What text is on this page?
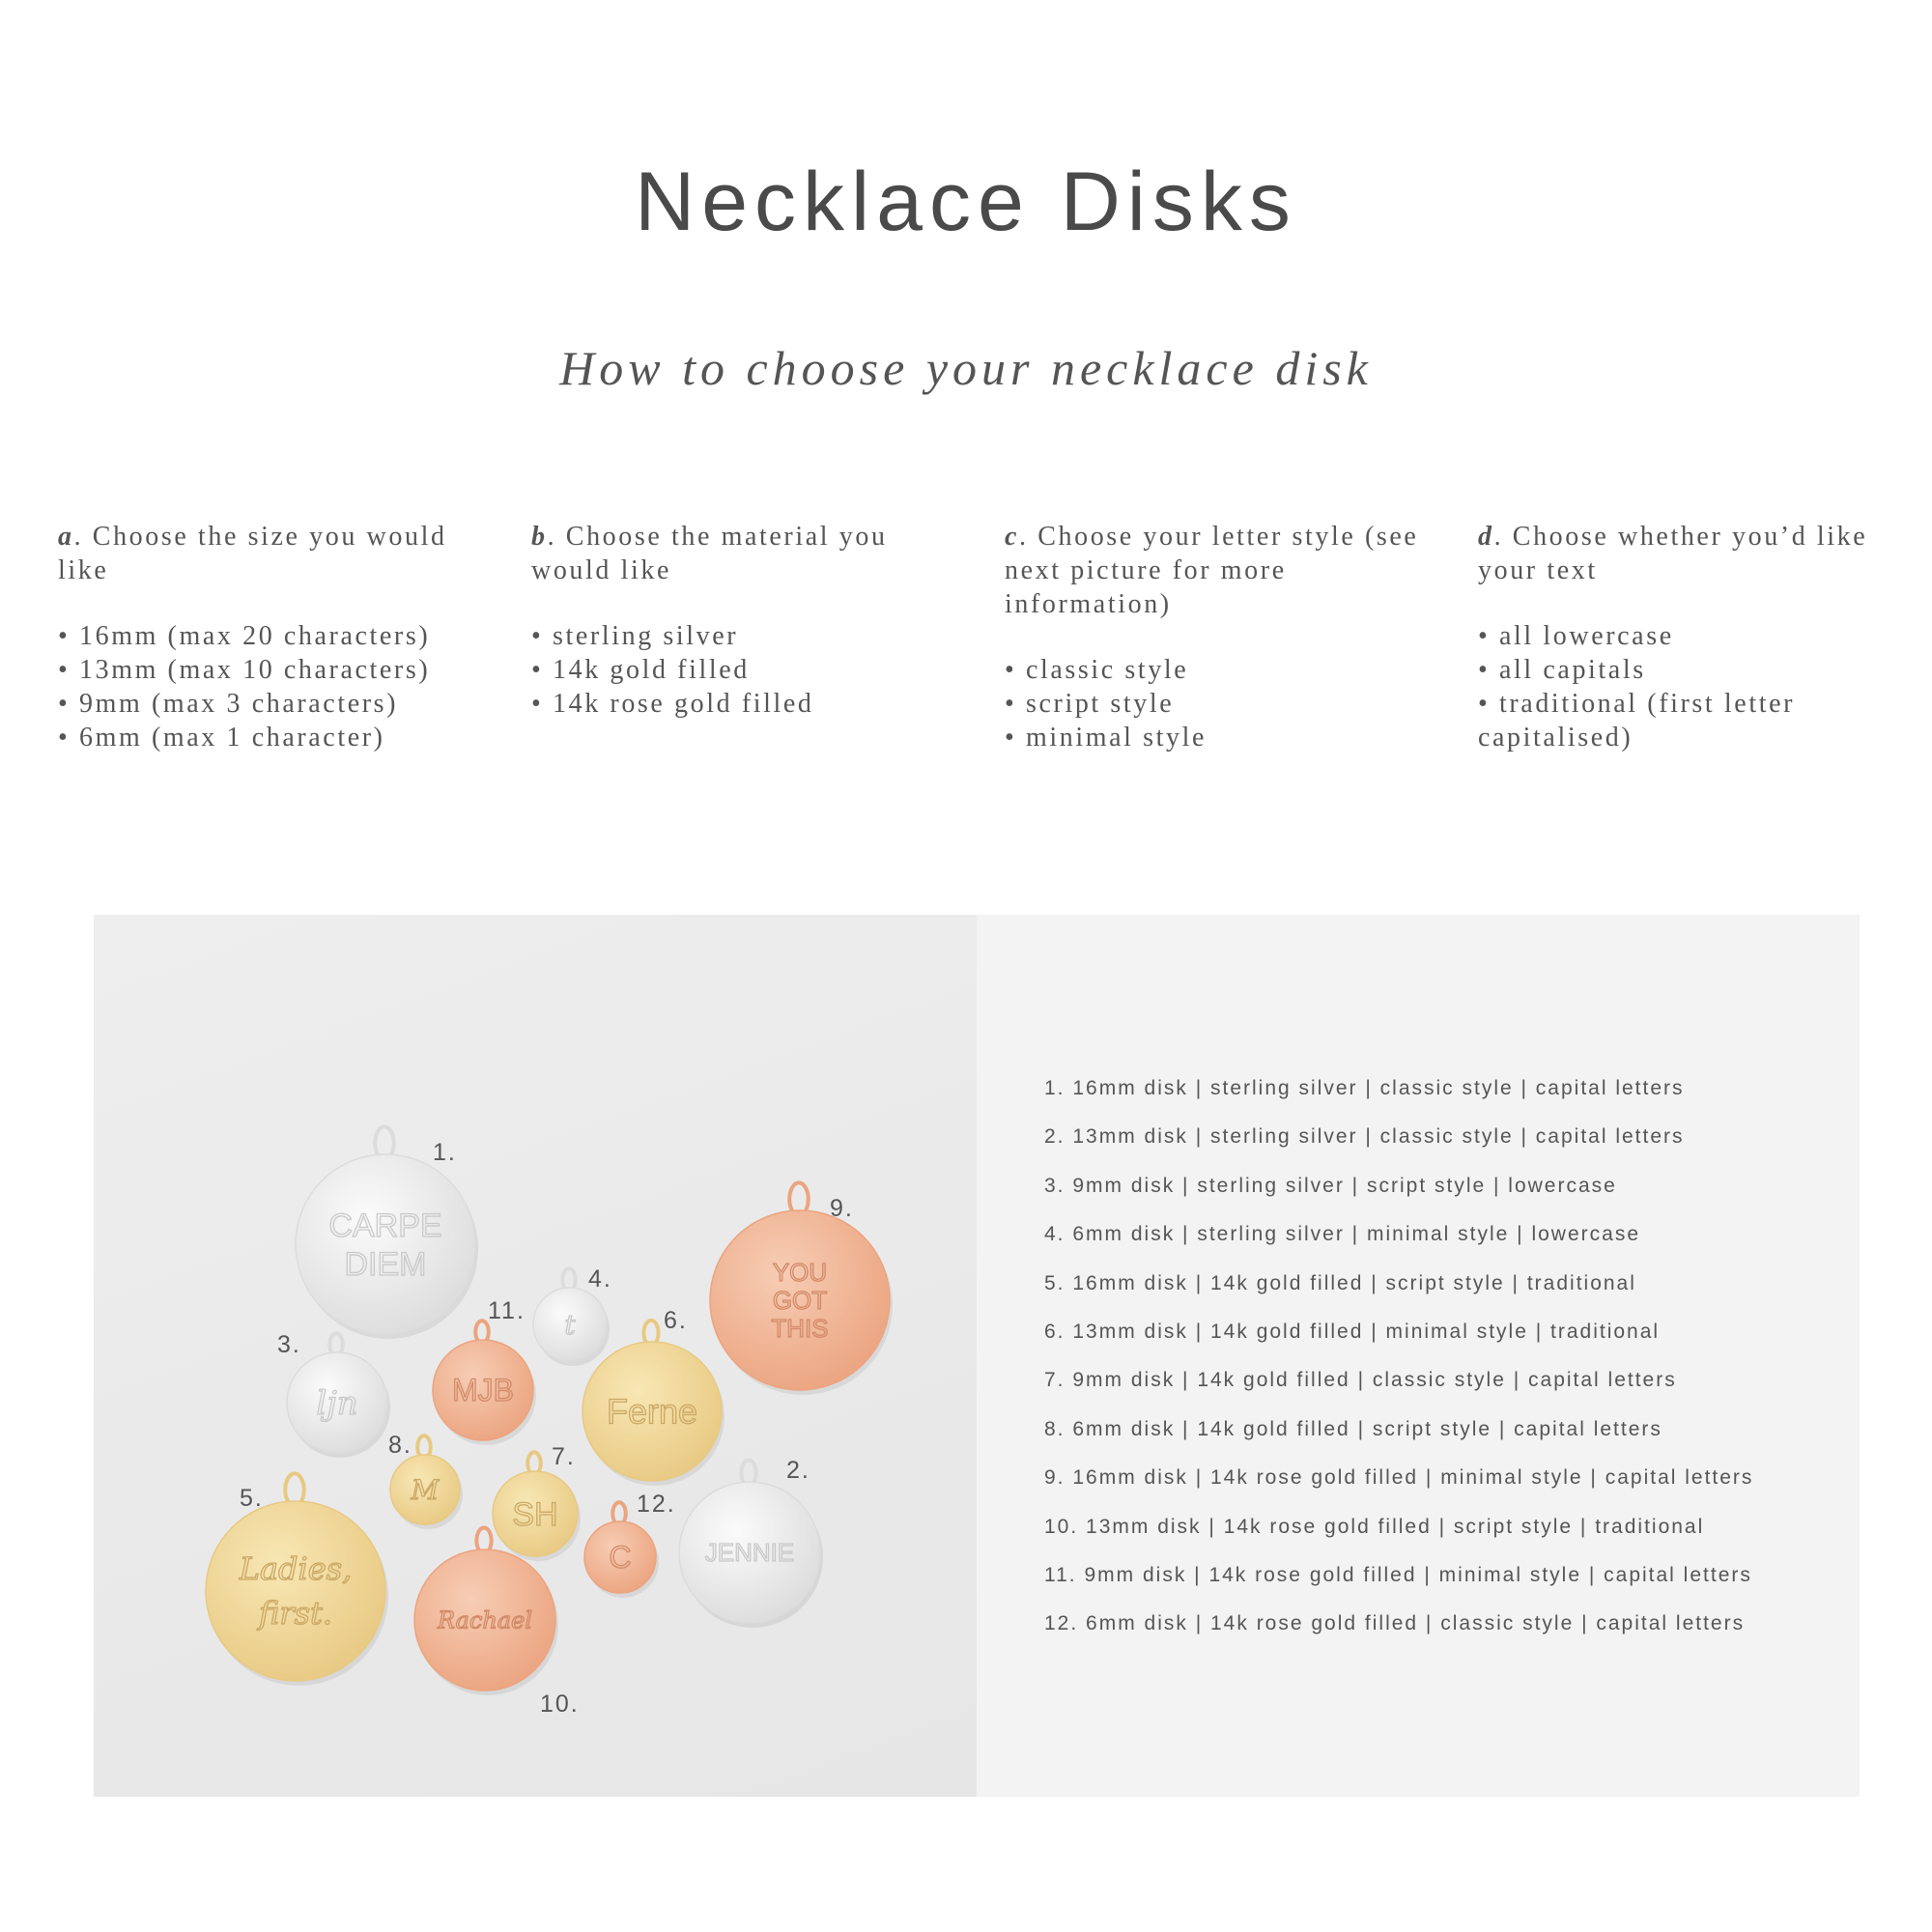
Necklace Disks
How to choose your necklace disk
a. Choose the size you would like
• 16mm (max 20 characters)
• 13mm (max 10 characters)
• 9mm (max 3 characters)
• 6mm (max 1 character)
b. Choose the material you would like
• sterling silver
• 14k gold filled
• 14k rose gold filled
c. Choose your letter style (see next picture for more information)
• classic style
• script style
• minimal style
d. Choose whether you’d like your text
• all lowercase
• all capitals
• traditional (first letter capitalised)
CARPE
DIEM
1.
JENNIE
2.
ljn
3.
t
4.
Ladies,
first.
5.
Ferne
6.
SH
7.
M
8.
YOU
GOT
THIS
9.
Rachael
10.
MJB
11.
C
12.
1. 16mm disk | sterling silver | classic style | capital letters
2. 13mm disk | sterling silver | classic style | capital letters
3. 9mm disk | sterling silver | script style | lowercase
4. 6mm disk | sterling silver | minimal style | lowercase
5. 16mm disk | 14k gold filled | script style | traditional
6. 13mm disk | 14k gold filled | minimal style | traditional
7. 9mm disk | 14k gold filled | classic style | capital letters
8. 6mm disk | 14k gold filled | script style | capital letters
9. 16mm disk | 14k rose gold filled | minimal style | capital letters
10. 13mm disk | 14k rose gold filled | script style | traditional
11. 9mm disk | 14k rose gold filled | minimal style | capital letters
12. 6mm disk | 14k rose gold filled | classic style | capital letters
